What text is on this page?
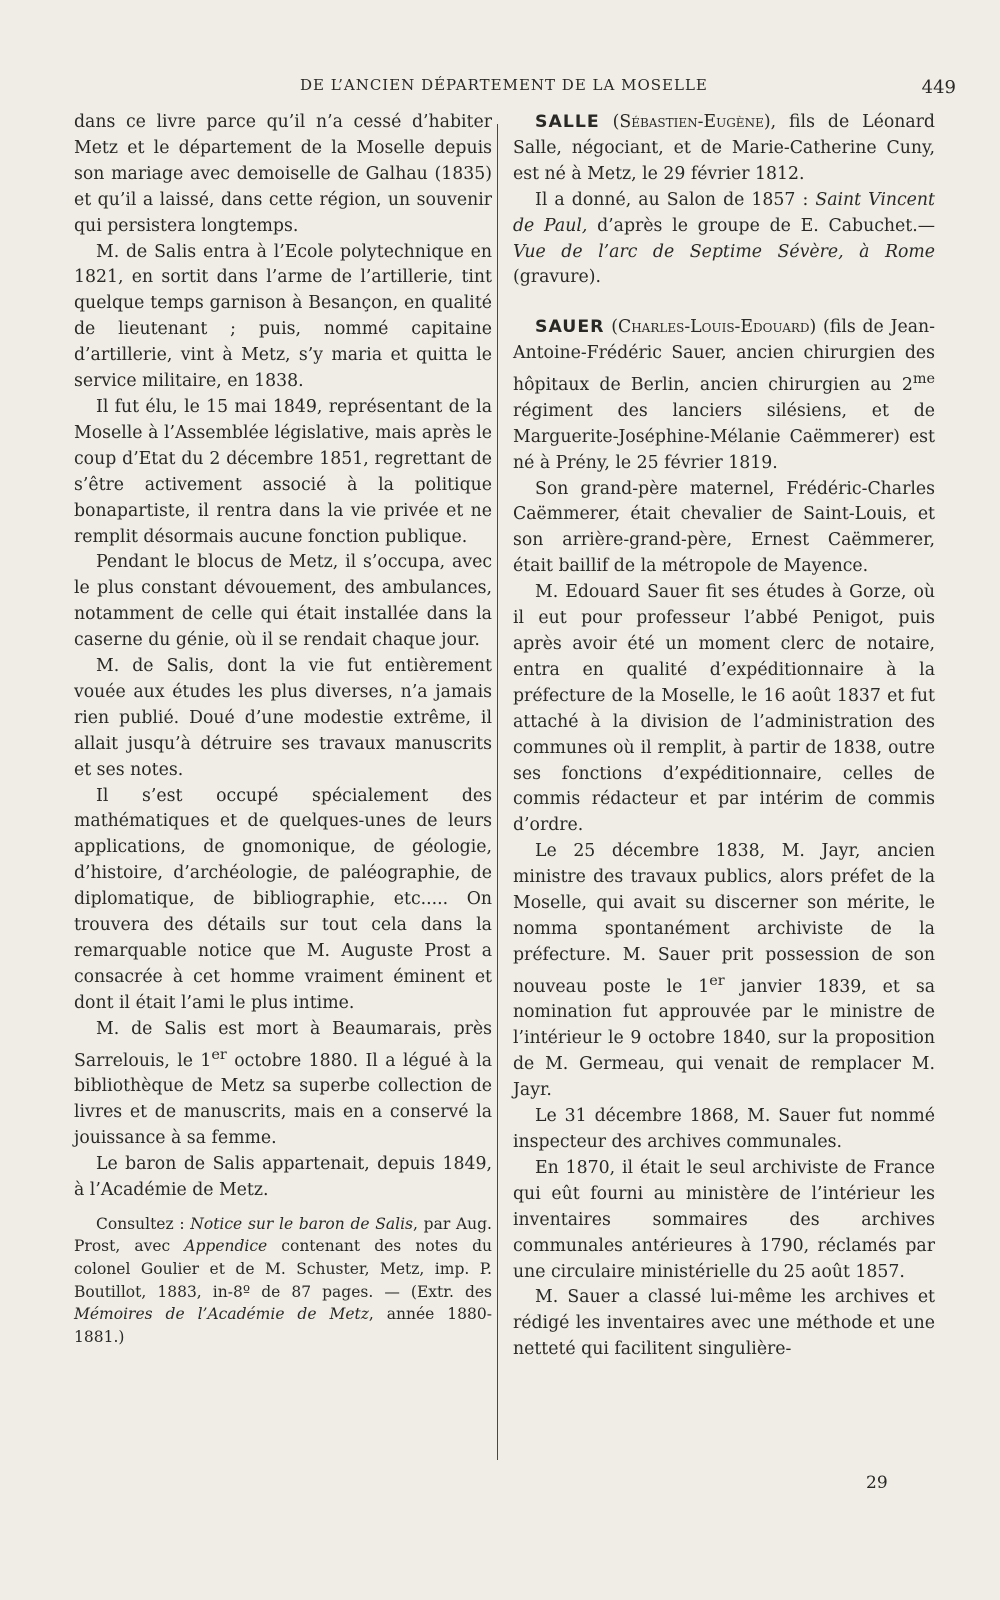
DE L’ANCIEN DÉPARTEMENT DE LA MOSELLE	449

dans ce livre parce qu’il n’a cessé d’habiter Metz et le département de la Moselle depuis son mariage avec demoiselle de Galhau (1835) et qu’il a laissé, dans cette région, un souvenir qui persistera longtemps.

M. de Salis entra à l’Ecole polytechnique en 1821, en sortit dans l’arme de l’artillerie, tint quelque temps garnison à Besançon, en qualité de lieutenant ; puis, nommé capitaine d’artillerie, vint à Metz, s’y maria et quitta le service militaire, en 1838.

Il fut élu, le 15 mai 1849, représentant de la Moselle à l’Assemblée législative, mais après le coup d’Etat du 2 décembre 1851, regrettant de s’être activement associé à la politique bonapartiste, il rentra dans la vie privée et ne remplit désormais aucune fonction publique.

Pendant le blocus de Metz, il s’occupa, avec le plus constant dévouement, des ambulances, notamment de celle qui était installée dans la caserne du génie, où il se rendait chaque jour.

M. de Salis, dont la vie fut entièrement vouée aux études les plus diverses, n’a jamais rien publié. Doué d’une modestie extrême, il allait jusqu’à détruire ses travaux manuscrits et ses notes.

Il s’est occupé spécialement des mathématiques et de quelques-unes de leurs applications, de gnomonique, de géologie, d’histoire, d’archéologie, de paléographie, de diplomatique, de bibliographie, etc..... On trouvera des détails sur tout cela dans la remarquable notice que M. Auguste Prost a consacrée à cet homme vraiment éminent et dont il était l’ami le plus intime.

M. de Salis est mort à Beaumarais, près Sarrelouis, le 1er octobre 1880. Il a légué à la bibliothèque de Metz sa superbe collection de livres et de manuscrits, mais en a conservé la jouissance à sa femme.

Le baron de Salis appartenait, depuis 1849, à l’Académie de Metz.

Consultez : Notice sur le baron de Salis, par Aug. Prost, avec Appendice contenant des notes du colonel Goulier et de M. Schuster, Metz, imp. P. Boutillot, 1883, in-8º de 87 pages. — (Extr. des Mémoires de l’Académie de Metz, année 1880-1881.)

SALLE (Sébastien-Eugène), fils de Léonard Salle, négociant, et de Marie-Catherine Cuny, est né à Metz, le 29 février 1812.

Il a donné, au Salon de 1857 : Saint Vincent de Paul, d’après le groupe de E. Cabuchet.—Vue de l’arc de Septime Sévère, à Rome (gravure).

SAUER (Charles-Louis-Edouard) (fils de Jean-Antoine-Frédéric Sauer, ancien chirurgien des hôpitaux de Berlin, ancien chirurgien au $2^{me}$ régiment des lanciers silésiens, et de Marguerite-Joséphine-Mélanie Caëmmerer) est né à Prény, le 25 février 1819.

Son grand-père maternel, Frédéric-Charles Caëmmerer, était chevalier de Saint-Louis, et son arrière-grand-père, Ernest Caëmmerer, était baillif de la métropole de Mayence.

M. Edouard Sauer fit ses études à Gorze, où il eut pour professeur l’abbé Penigot, puis après avoir été un moment clerc de notaire, entra en qualité d’expéditionnaire à la préfecture de la Moselle, le 16 août 1837 et fut attaché à la division de l’administration des communes où il remplit, à partir de 1838, outre ses fonctions d’expéditionnaire, celles de commis rédacteur et par intérim de commis d’ordre.

Le 25 décembre 1838, M. Jayr, ancien ministre des travaux publics, alors préfet de la Moselle, qui avait su discerner son mérite, le nomma spontanément archiviste de la préfecture. M. Sauer prit possession de son nouveau poste le 1er janvier 1839, et sa nomination fut approuvée par le ministre de l’intérieur le 9 octobre 1840, sur la proposition de M. Germeau, qui venait de remplacer M. Jayr.

Le 31 décembre 1868, M. Sauer fut nommé inspecteur des archives communales.

En 1870, il était le seul archiviste de France qui eût fourni au ministère de l’intérieur les inventaires sommaires des archives communales antérieures à 1790, réclamés par une circulaire ministérielle du 25 août 1857.

M. Sauer a classé lui-même les archives et rédigé les inventaires avec une méthode et une netteté qui facilitent singulière-

29
